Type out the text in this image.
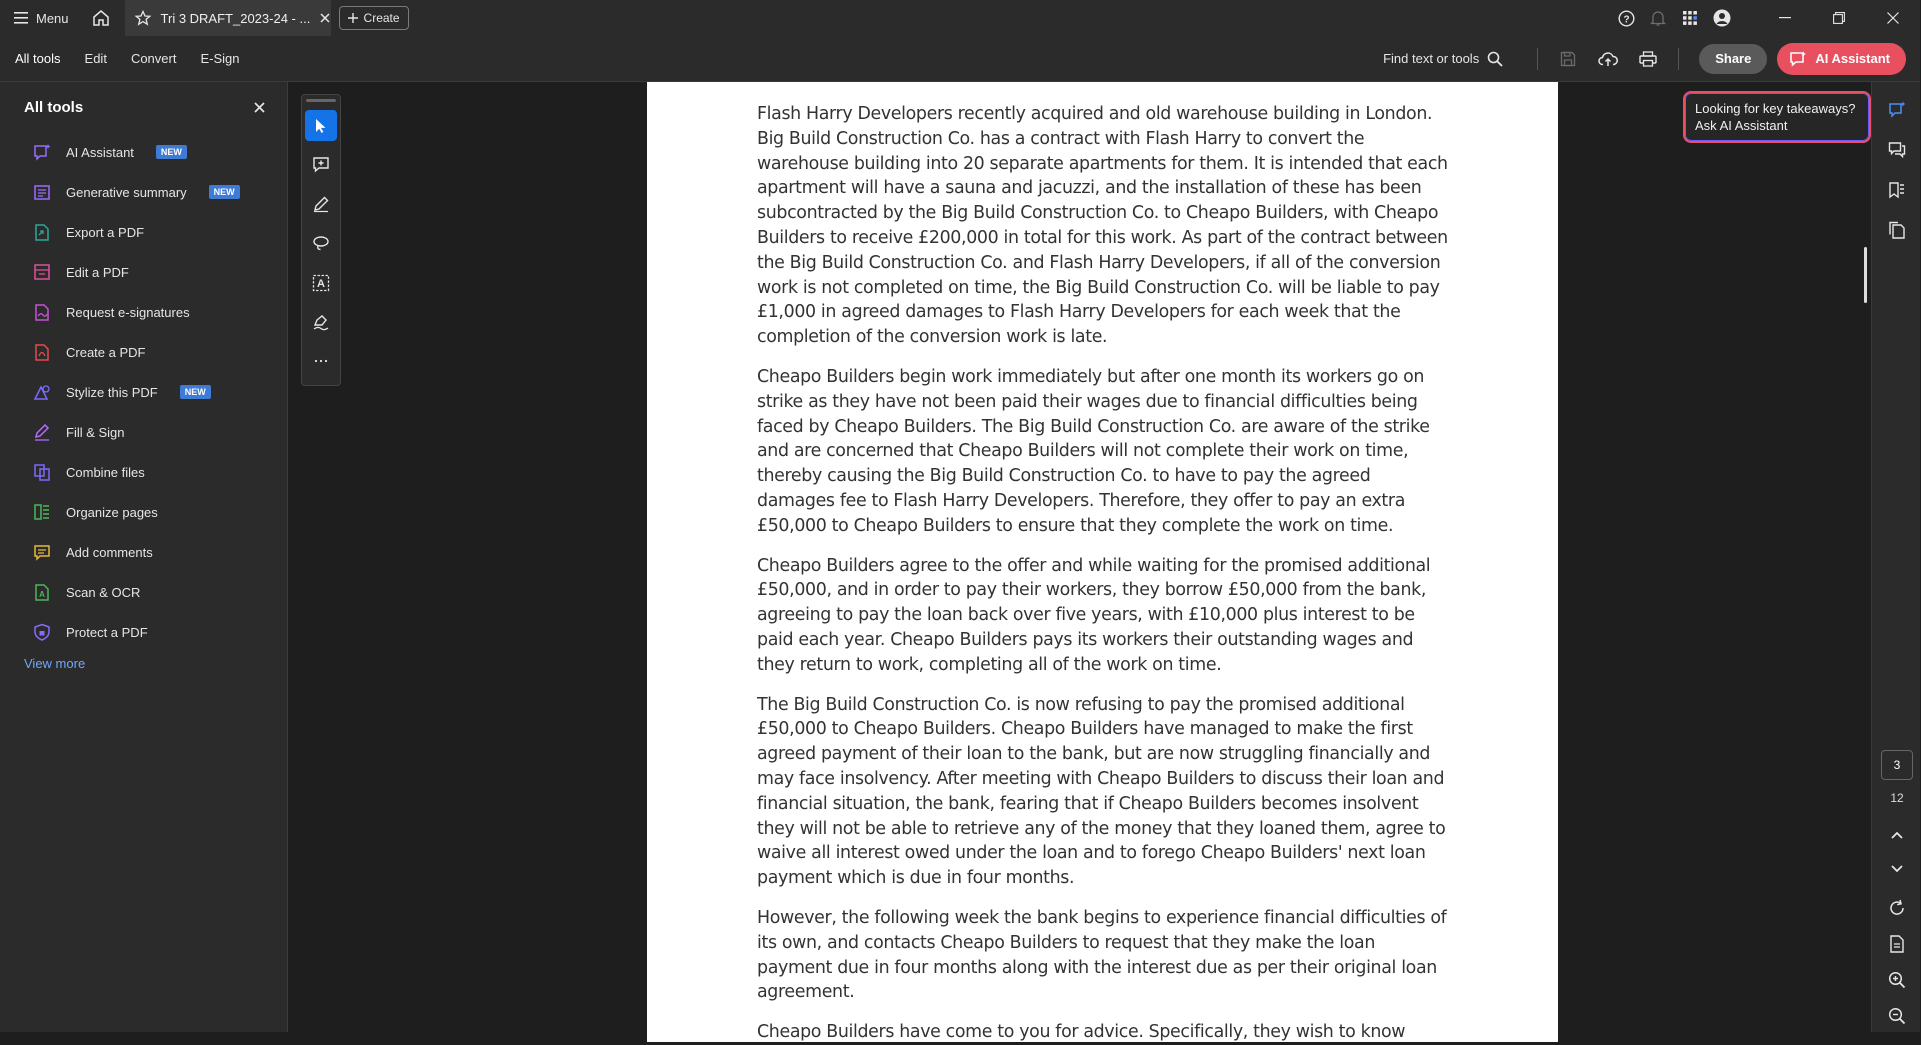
Menu	Tri 3 DRAFT_2023-24 - ...	Create	?
All tools Edit Convert E-Sign	Find text or tools	Share	AI Assistant
All tools
AI Assistant	NEW
Generative summary	NEW
Export a PDF
Edit a PDF
Request e-signatures
Create a PDF
Stylize this PDF	NEW
Fill & Sign
Combine files
Organize pages
Add comments
A Scan & OCR
Protect a PDF
View more
A

Flash Harry Developers recently acquired and old warehouse building in London. Big Build Construction Co. has a contract with Flash Harry to convert the warehouse building into 20 separate apartments for them. It is intended that each apartment will have a sauna and jacuzzi, and the installation of these has been subcontracted by the Big Build Construction Co. to Cheapo Builders, with Cheapo Builders to receive £200,000 in total for this work. As part of the contract between the Big Build Construction Co. and Flash Harry Developers, if all of the conversion work is not completed on time, the Big Build Construction Co. will be liable to pay £1,000 in agreed damages to Flash Harry Developers for each week that the completion of the conversion work is late.

Cheapo Builders begin work immediately but after one month its workers go on strike as they have not been paid their wages due to financial difficulties being faced by Cheapo Builders. The Big Build Construction Co. are aware of the strike and are concerned that Cheapo Builders will not complete their work on time, thereby causing the Big Build Construction Co. to have to pay the agreed damages fee to Flash Harry Developers. Therefore, they offer to pay an extra £50,000 to Cheapo Builders to ensure that they complete the work on time.

Cheapo Builders agree to the offer and while waiting for the promised additional £50,000, and in order to pay their workers, they borrow £50,000 from the bank, agreeing to pay the loan back over five years, with £10,000 plus interest to be paid each year. Cheapo Builders pays its workers their outstanding wages and they return to work, completing all of the work on time.

The Big Build Construction Co. is now refusing to pay the promised additional £50,000 to Cheapo Builders. Cheapo Builders have managed to make the first agreed payment of their loan to the bank, but are now struggling financially and may face insolvency. After meeting with Cheapo Builders to discuss their loan and financial situation, the bank, fearing that if Cheapo Builders becomes insolvent they will not be able to retrieve any of the money that they loaned them, agree to waive all interest owed under the loan and to forego Cheapo Builders' next loan payment which is due in four months.

However, the following week the bank begins to experience financial difficulties of its own, and contacts Cheapo Builders to request that they make the loan payment due in four months along with the interest due as per their original loan agreement.

Cheapo Builders have come to you for advice. Specifically, they wish to know

Looking for key takeaways?
Ask AI Assistant
3
12
